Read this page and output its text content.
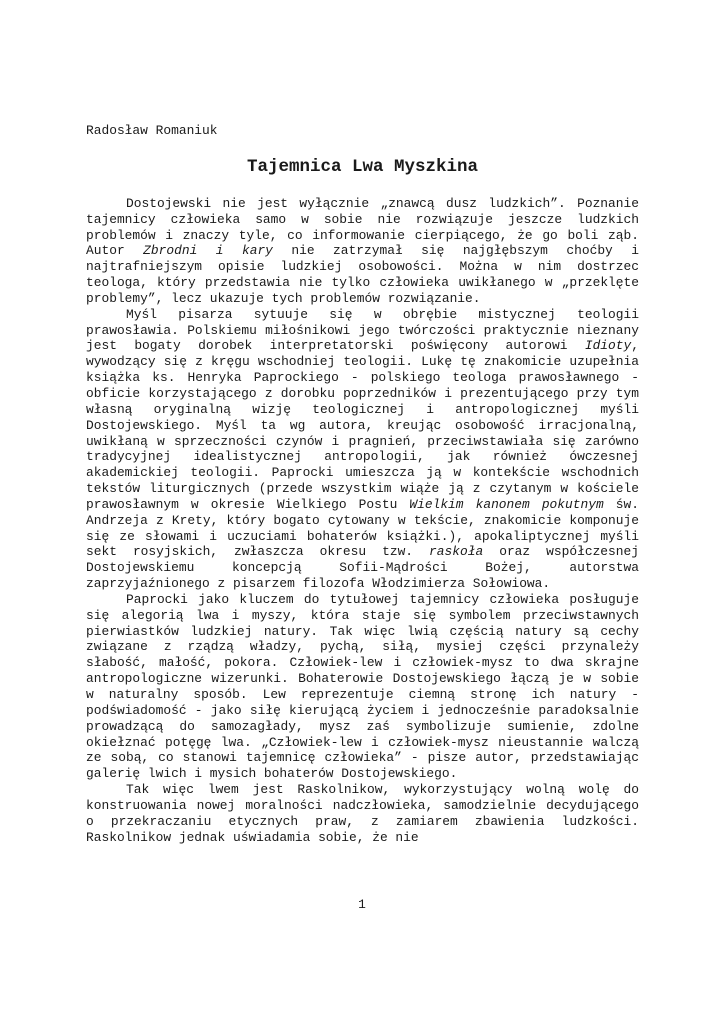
Radosław Romaniuk
Tajemnica Lwa Myszkina

Dostojewski nie jest wyłącznie „znawcą dusz ludzkich”. Poznanie tajemnicy człowieka samo w sobie nie rozwiązuje jeszcze ludzkich problemów i znaczy tyle, co informowanie cierpiącego, że go boli ząb. Autor Zbrodni i kary nie zatrzymał się najgłębszym choćby i najtrafniejszym opisie ludzkiej osobowości. Można w nim dostrzec teologa, który przedstawia nie tylko człowieka uwikłanego w „przeklęte problemy”, lecz ukazuje tych problemów rozwiązanie.

Myśl pisarza sytuuje się w obrębie mistycznej teologii prawosławia. Polskiemu miłośnikowi jego twórczości praktycznie nieznany jest bogaty dorobek interpretatorski poświęcony autorowi Idioty, wywodzący się z kręgu wschodniej teologii. Lukę tę znakomicie uzupełnia książka ks. Henryka Paprockiego - polskiego teologa prawosławnego - obficie korzystającego z dorobku poprzedników i prezentującego przy tym własną oryginalną wizję teologicznej i antropologicznej myśli Dostojewskiego. Myśl ta wg autora, kreując osobowość irracjonalną, uwikłaną w sprzeczności czynów i pragnień, przeciwstawiała się zarówno tradycyjnej idealistycznej antropologii, jak również ówczesnej akademickiej teologii. Paprocki umieszcza ją w kontekście wschodnich tekstów liturgicznych (przede wszystkim wiąże ją z czytanym w kościele prawosławnym w okresie Wielkiego Postu Wielkim kanonem pokutnym św. Andrzeja z Krety, który bogato cytowany w tekście, znakomicie komponuje się ze słowami i uczuciami bohaterów książki.), apokaliptycznej myśli sekt rosyjskich, zwłaszcza okresu tzw. raskoła oraz współczesnej Dostojewskiemu koncepcją Sofii-Mądrości Bożej, autorstwa zaprzyjaźnionego z pisarzem filozofa Włodzimierza Sołowiowa.

Paprocki jako kluczem do tytułowej tajemnicy człowieka posługuje się alegorią lwa i myszy, która staje się symbolem przeciwstawnych pierwiastków ludzkiej natury. Tak więc lwią częścią natury są cechy związane z rządzą władzy, pychą, siłą, mysiej części przynależy słabość, małość, pokora. Człowiek-lew i człowiek-mysz to dwa skrajne antropologiczne wizerunki. Bohaterowie Dostojewskiego łączą je w sobie w naturalny sposób. Lew reprezentuje ciemną stronę ich natury - podświadomość - jako siłę kierującą życiem i jednocześnie paradoksalnie prowadzącą do samozagłady, mysz zaś symbolizuje sumienie, zdolne okiełznać potęgę lwa. „Człowiek-lew i człowiek-mysz nieustannie walczą ze sobą, co stanowi tajemnicę człowieka” - pisze autor, przedstawiając galerię lwich i mysich bohaterów Dostojewskiego.

Tak więc lwem jest Raskolnikow, wykorzystujący wolną wolę do konstruowania nowej moralności nadczłowieka, samodzielnie decydującego o przekraczaniu etycznych praw, z zamiarem zbawienia ludzkości. Raskolnikow jednak uświadamia sobie, że nie

1
